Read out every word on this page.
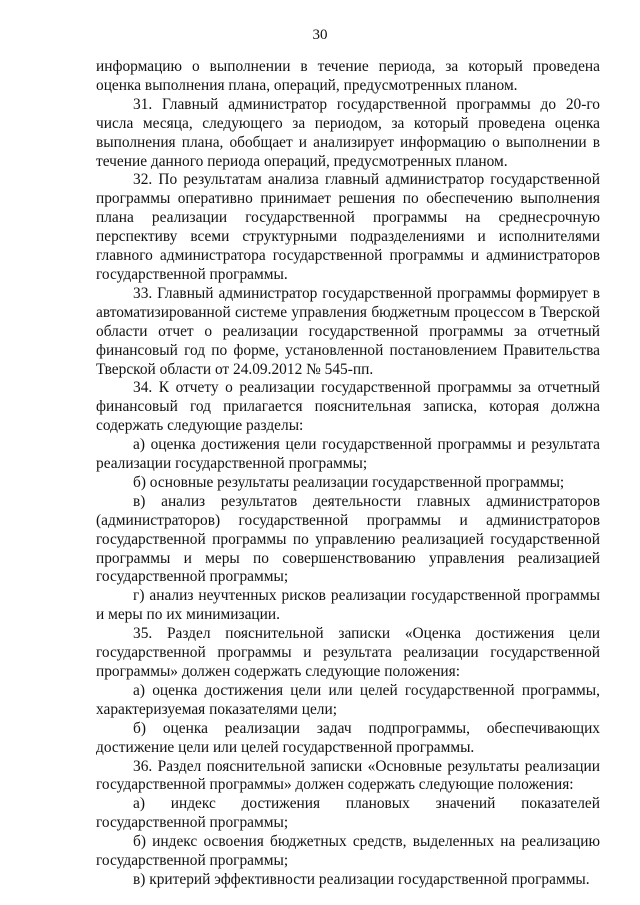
30

информацию о выполнении в течение периода, за который проведена оценка выполнения плана, операций, предусмотренных планом.

31. Главный администратор государственной программы до 20-го числа месяца, следующего за периодом, за который проведена оценка выполнения плана, обобщает и анализирует информацию о выполнении в течение данного периода операций, предусмотренных планом.

32. По результатам анализа главный администратор государственной программы оперативно принимает решения по обеспечению выполнения плана реализации государственной программы на среднесрочную перспективу всеми структурными подразделениями и исполнителями главного администратора государственной программы и администраторов государственной программы.

33. Главный администратор государственной программы формирует в автоматизированной системе управления бюджетным процессом в Тверской области отчет о реализации государственной программы за отчетный финансовый год по форме, установленной постановлением Правительства Тверской области от 24.09.2012 № 545-пп.

34. К отчету о реализации государственной программы за отчетный финансовый год прилагается пояснительная записка, которая должна содержать следующие разделы:

а) оценка достижения цели государственной программы и результата реализации государственной программы;

б) основные результаты реализации государственной программы;

в) анализ результатов деятельности главных администраторов (администраторов) государственной программы и администраторов государственной программы по управлению реализацией государственной программы и меры по совершенствованию управления реализацией государственной программы;

г) анализ неучтенных рисков реализации государственной программы и меры по их минимизации.

35. Раздел пояснительной записки «Оценка достижения цели государственной программы и результата реализации государственной программы» должен содержать следующие положения:

а) оценка достижения цели или целей государственной программы, характеризуемая показателями цели;

б) оценка реализации задач подпрограммы, обеспечивающих достижение цели или целей государственной программы.

36. Раздел пояснительной записки «Основные результаты реализации государственной программы» должен содержать следующие положения:

а) индекс достижения плановых значений показателей государственной программы;

б) индекс освоения бюджетных средств, выделенных на реализацию государственной программы;

в) критерий эффективности реализации государственной программы.
